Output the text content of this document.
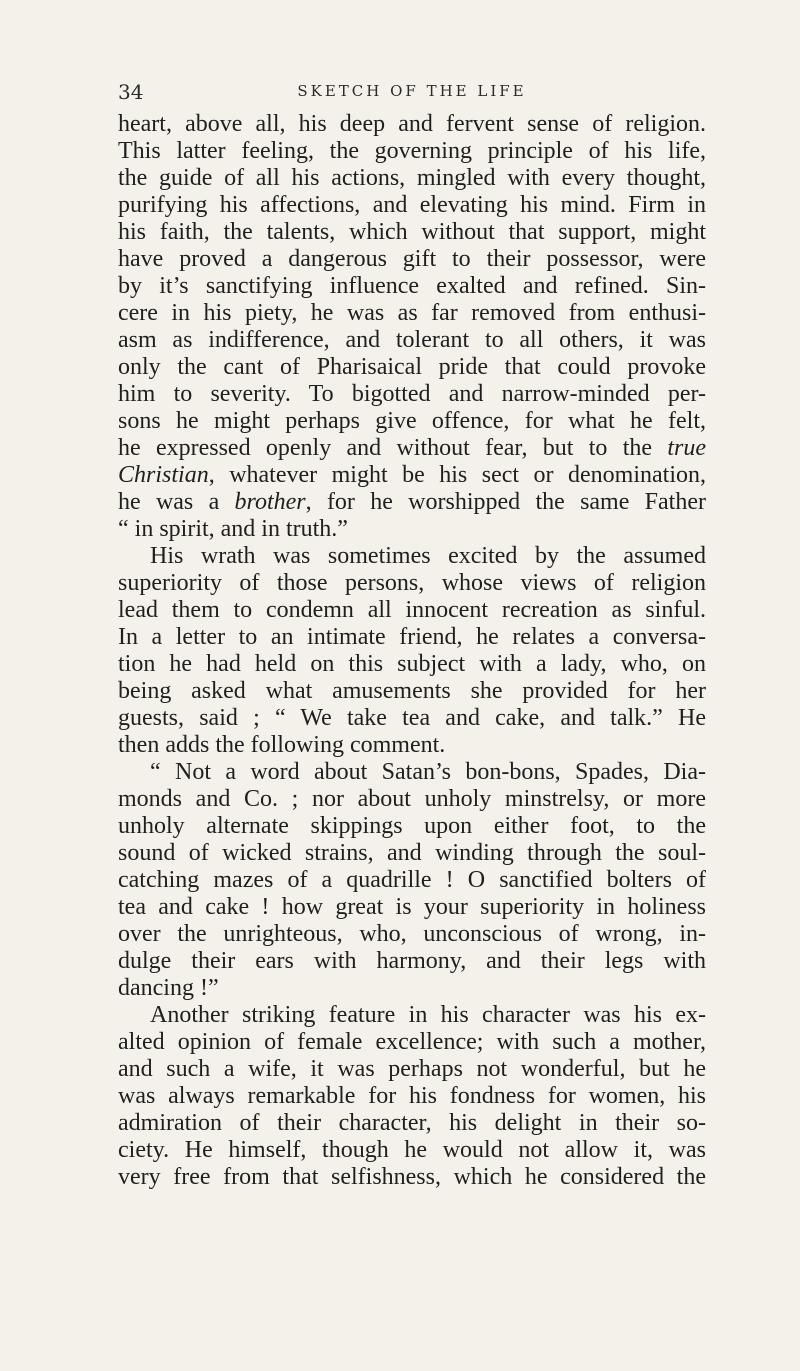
34	SKETCH OF THE LIFE
heart, above all, his deep and fervent sense of religion.
This latter feeling, the governing principle of his life,
the guide of all his actions, mingled with every thought,
purifying his affections, and elevating his mind. Firm in
his faith, the talents, which without that support, might
have proved a dangerous gift to their possessor, were
by it’s sanctifying influence exalted and refined. Sin-
cere in his piety, he was as far removed from enthusi-
asm as indifference, and tolerant to all others, it was
only the cant of Pharisaical pride that could provoke
him to severity. To bigotted and narrow-minded per-
sons he might perhaps give offence, for what he felt,
he expressed openly and without fear, but to the true
Christian, whatever might be his sect or denomination,
he was a brother, for he worshipped the same Father
“ in spirit, and in truth.”
His wrath was sometimes excited by the assumed
superiority of those persons, whose views of religion
lead them to condemn all innocent recreation as sinful.
In a letter to an intimate friend, he relates a conversa-
tion he had held on this subject with a lady, who, on
being asked what amusements she provided for her
guests, said ; “ We take tea and cake, and talk.” He
then adds the following comment.
“ Not a word about Satan’s bon-bons, Spades, Dia-
monds and Co. ; nor about unholy minstrelsy, or more
unholy alternate skippings upon either foot, to the
sound of wicked strains, and winding through the soul-
catching mazes of a quadrille ! O sanctified bolters of
tea and cake ! how great is your superiority in holiness
over the unrighteous, who, unconscious of wrong, in-
dulge their ears with harmony, and their legs with
dancing !”
Another striking feature in his character was his ex-
alted opinion of female excellence; with such a mother,
and such a wife, it was perhaps not wonderful, but he
was always remarkable for his fondness for women, his
admiration of their character, his delight in their so-
ciety. He himself, though he would not allow it, was
very free from that selfishness, which he considered the
